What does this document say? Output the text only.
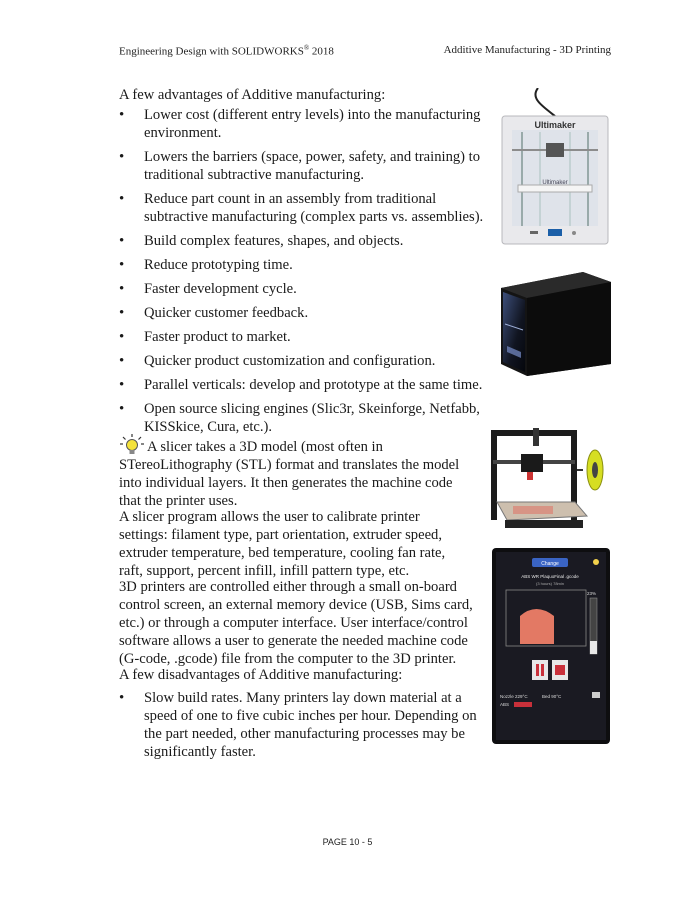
Engineering Design with SOLIDWORKS® 2018	Additive Manufacturing - 3D Printing
A few advantages of Additive manufacturing:
• Lower cost (different entry levels) into the manufacturing environment.
• Lowers the barriers (space, power, safety, and training) to traditional subtractive manufacturing.
• Reduce part count in an assembly from traditional subtractive manufacturing (complex parts vs. assemblies).
• Build complex features, shapes, and objects.
• Reduce prototyping time.
• Faster development cycle.
• Quicker customer feedback.
• Faster product to market.
• Quicker product customization and configuration.
• Parallel verticals: develop and prototype at the same time.
• Open source slicing engines (Slic3r, Skeinforge, Netfabb, KISSkice, Cura, etc.).
A slicer takes a 3D model (most often in STereoLithography (STL) format and translates the model into individual layers. It then generates the machine code that the printer uses.
A slicer program allows the user to calibrate printer settings: filament type, part orientation, extruder speed, extruder temperature, bed temperature, cooling fan rate, raft, support, percent infill, infill pattern type, etc.
3D printers are controlled either through a small on-board control screen, an external memory device (USB, Sims card, etc.) or through a computer interface. User interface/control software allows a user to generate the needed machine code (G-code, .gcode) file from the computer to the 3D printer.
A few disadvantages of Additive manufacturing:
• Slow build rates. Many printers lay down material at a speed of one to five cubic inches per hour. Depending on the part needed, other manufacturing processes may be significantly faster.
Ultimaker
Ultimaker
Change
ABS WR PlaquoFinal .gcode
(3 hours) 78min
23%
Nozzle 229°C	Bed 90°C
ABS
PAGE 10 - 5
